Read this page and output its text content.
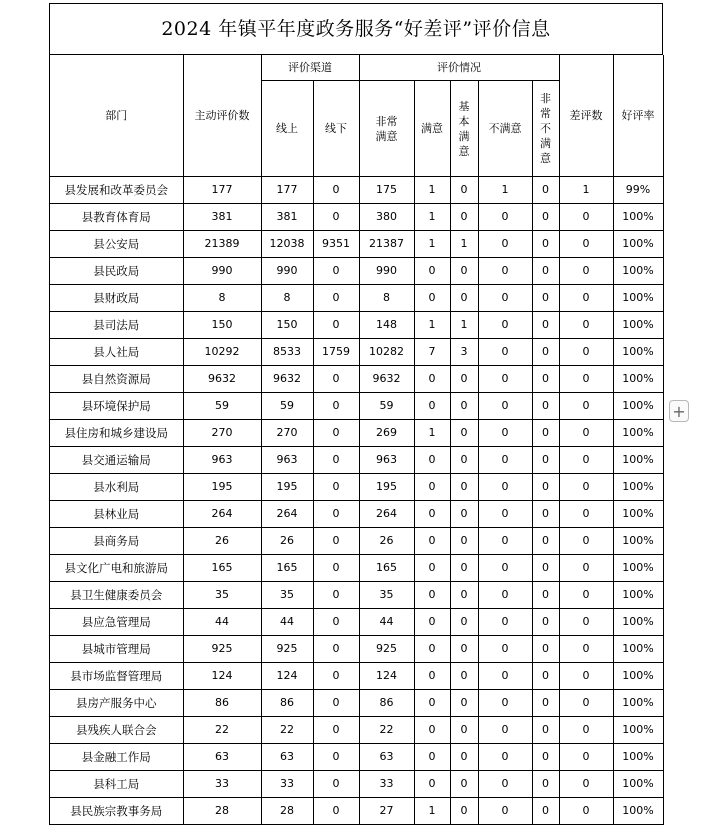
2024 年镇平年度政务服务“好差评”评价信息
部门	主动评价数	评价渠道		评价情况					差评数	好评率
		线上	线下	非常满意	满意	基本满意	不满意	非常不满意		
县发展和改革委员会	177	177	0	175	1	0	1	0	1	99%
县教育体育局	381	381	0	380	1	0	0	0	0	100%
县公安局	21389	12038	9351	21387	1	1	0	0	0	100%
县民政局	990	990	0	990	0	0	0	0	0	100%
县财政局	8	8	0	8	0	0	0	0	0	100%
县司法局	150	150	0	148	1	1	0	0	0	100%
县人社局	10292	8533	1759	10282	7	3	0	0	0	100%
县自然资源局	9632	9632	0	9632	0	0	0	0	0	100%
县环境保护局	59	59	0	59	0	0	0	0	0	100%
县住房和城乡建设局	270	270	0	269	1	0	0	0	0	100%
县交通运输局	963	963	0	963	0	0	0	0	0	100%
县水利局	195	195	0	195	0	0	0	0	0	100%
县林业局	264	264	0	264	0	0	0	0	0	100%
县商务局	26	26	0	26	0	0	0	0	0	100%
县文化广电和旅游局	165	165	0	165	0	0	0	0	0	100%
县卫生健康委员会	35	35	0	35	0	0	0	0	0	100%
县应急管理局	44	44	0	44	0	0	0	0	0	100%
县城市管理局	925	925	0	925	0	0	0	0	0	100%
县市场监督管理局	124	124	0	124	0	0	0	0	0	100%
县房产服务中心	86	86	0	86	0	0	0	0	0	100%
县残疾人联合会	22	22	0	22	0	0	0	0	0	100%
县金融工作局	63	63	0	63	0	0	0	0	0	100%
县科工局	33	33	0	33	0	0	0	0	0	100%
县民族宗教事务局	28	28	0	27	1	0	0	0	0	100%
+
